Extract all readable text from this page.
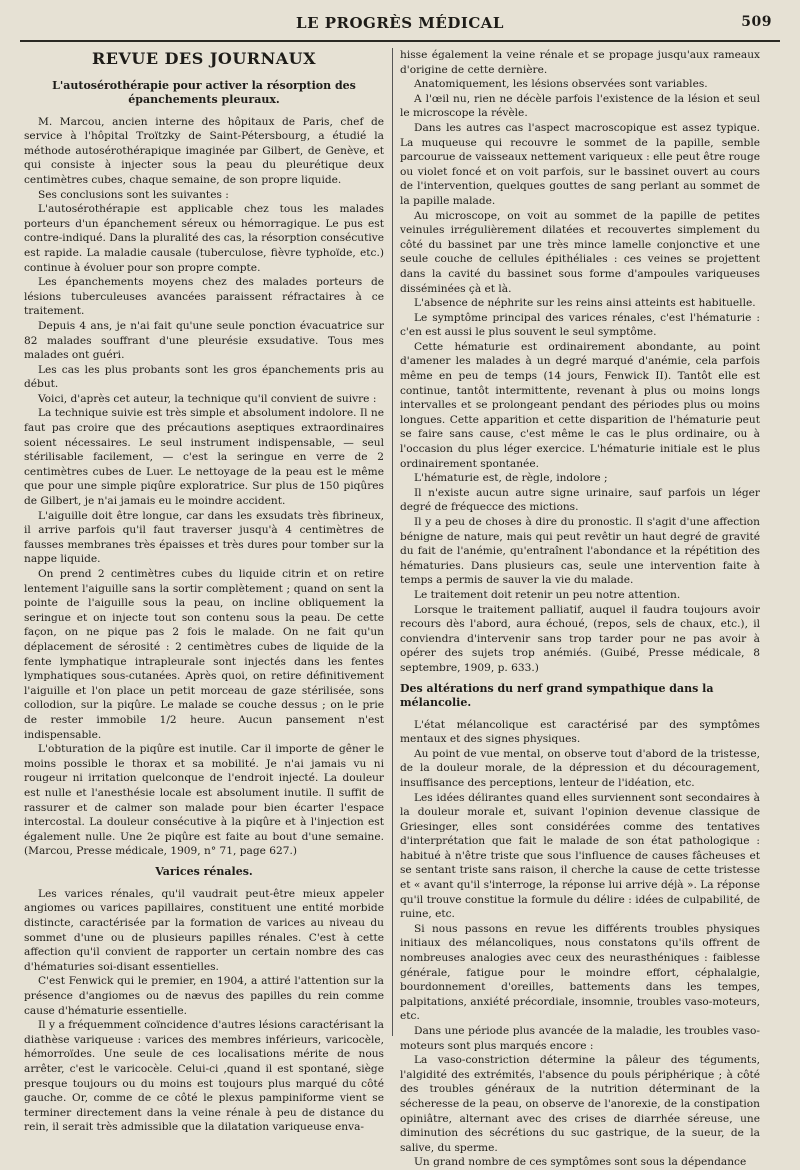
LE PROGRÈS MÉDICAL	509
REVUE DES JOURNAUX
L'autosérothérapie pour activer la résorption des épanchements pleuraux.

M. Marcou, ancien interne des hôpitaux de Paris, chef de service à l'hôpital Troïtzky de Saint-Pétersbourg, a étudié la méthode autosérothérapique imaginée par Gilbert, de Genève, et qui consiste à injecter sous la peau du pleurétique deux centimètres cubes, chaque semaine, de son propre liquide.

Ses conclusions sont les suivantes :

L'autosérothérapie est applicable chez tous les malades porteurs d'un épanchement séreux ou hémorragique. Le pus est contre-indiqué. Dans la pluralité des cas, la résorption consécutive est rapide. La maladie causale (tuberculose, fièvre typhoïde, etc.) continue à évoluer pour son propre compte.

Les épanchements moyens chez des malades porteurs de lésions tuberculeuses avancées paraissent réfractaires à ce traitement.

Depuis 4 ans, je n'ai fait qu'une seule ponction évacuatrice sur 82 malades souffrant d'une pleurésie exsudative. Tous mes malades ont guéri.

Les cas les plus probants sont les gros épanchements pris au début.

Voici, d'après cet auteur, la technique qu'il convient de suivre :

La technique suivie est très simple et absolument indolore. Il ne faut pas croire que des précautions aseptiques extraordinaires soient nécessaires. Le seul instrument indispensable, — seul stérilisable facilement, — c'est la seringue en verre de 2 centimètres cubes de Luer. Le nettoyage de la peau est le même que pour une simple piqûre exploratrice. Sur plus de 150 piqûres de Gilbert, je n'ai jamais eu le moindre accident.

L'aiguille doit être longue, car dans les exsudats très fibrineux, il arrive parfois qu'il faut traverser jusqu'à 4 centimètres de fausses membranes très épaisses et très dures pour tomber sur la nappe liquide.

On prend 2 centimètres cubes du liquide citrin et on retire lentement l'aiguille sans la sortir complètement ; quand on sent la pointe de l'aiguille sous la peau, on incline obliquement la seringue et on injecte tout son contenu sous la peau. De cette façon, on ne pique pas 2 fois le malade. On ne fait qu'un déplacement de sérosité : 2 centimètres cubes de liquide de la fente lymphatique intrapleurale sont injectés dans les fentes lymphatiques sous-cutanées. Après quoi, on retire définitivement l'aiguille et l'on place un petit morceau de gaze stérilisée, sons collodion, sur la piqûre. Le malade se couche dessus ; on le prie de rester immobile 1/2 heure. Aucun pansement n'est indispensable.

L'obturation de la piqûre est inutile. Car il importe de gêner le moins possible le thorax et sa mobilité. Je n'ai jamais vu ni rougeur ni irritation quelconque de l'endroit injecté. La douleur est nulle et l'anesthésie locale est absolument inutile. Il suffit de rassurer et de calmer son malade pour bien écarter l'espace intercostal. La douleur consécutive à la piqûre et à l'injection est également nulle. Une 2e piqûre est faite au bout d'une semaine. (Marcou, Presse médicale, 1909, n° 71, page 627.)

Varices rénales.

Les varices rénales, qu'il vaudrait peut-être mieux appeler angiomes ou varices papillaires, constituent une entité morbide distincte, caractérisée par la formation de varices au niveau du sommet d'une ou de plusieurs papilles rénales. C'est à cette affection qu'il convient de rapporter un certain nombre des cas d'hématuries soi-disant essentielles.

C'est Fenwick qui le premier, en 1904, a attiré l'attention sur la présence d'angiomes ou de nævus des papilles du rein comme cause d'hématurie essentielle.

Il y a fréquemment coïncidence d'autres lésions caractérisant la diathèse variqueuse : varices des membres inférieurs, varicocèle, hémorroïdes. Une seule de ces localisations mérite de nous arrêter, c'est le varicocèle. Celui-ci ,quand il est spontané, siège presque toujours ou du moins est toujours plus marqué du côté gauche. Or, comme de ce côté le plexus pampiniforme vient se terminer directement dans la veine rénale à peu de distance du rein, il serait très admissible que la dilatation variqueuse enva-

hisse également la veine rénale et se propage jusqu'aux rameaux d'origine de cette dernière.

Anatomiquement, les lésions observées sont variables.

A l'œil nu, rien ne décèle parfois l'existence de la lésion et seul le microscope la révèle.

Dans les autres cas l'aspect macroscopique est assez typique. La muqueuse qui recouvre le sommet de la papille, semble parcourue de vaisseaux nettement variqueux : elle peut être rouge ou violet foncé et on voit parfois, sur le bassinet ouvert au cours de l'intervention, quelques gouttes de sang perlant au sommet de la papille malade.

Au microscope, on voit au sommet de la papille de petites veinules irrégulièrement dilatées et recouvertes simplement du côté du bassinet par une très mince lamelle conjonctive et une seule couche de cellules épithéliales : ces veines se projettent dans la cavité du bassinet sous forme d'ampoules variqueuses disséminées çà et là.

L'absence de néphrite sur les reins ainsi atteints est habituelle.

Le symptôme principal des varices rénales, c'est l'hématurie : c'en est aussi le plus souvent le seul symptôme.

Cette hématurie est ordinairement abondante, au point d'amener les malades à un degré marqué d'anémie, cela parfois même en peu de temps (14 jours, Fenwick II). Tantôt elle est continue, tantôt intermittente, revenant à plus ou moins longs intervalles et se prolongeant pendant des périodes plus ou moins longues. Cette apparition et cette disparition de l'hématurie peut se faire sans cause, c'est même le cas le plus ordinaire, ou à l'occasion du plus léger exercice. L'hématurie initiale est le plus ordinairement spontanée.

L'hématurie est, de règle, indolore ;

Il n'existe aucun autre signe urinaire, sauf parfois un léger degré de fréquecce des mictions.

Il y a peu de choses à dire du pronostic. Il s'agit d'une affection bénigne de nature, mais qui peut revêtir un haut degré de gravité du fait de l'anémie, qu'entraînent l'abondance et la répétition des hématuries. Dans plusieurs cas, seule une intervention faite à temps a permis de sauver la vie du malade.

Le traitement doit retenir un peu notre attention.

Lorsque le traitement palliatif, auquel il faudra toujours avoir recours dès l'abord, aura échoué, (repos, sels de chaux, etc.), il conviendra d'intervenir sans trop tarder pour ne pas avoir à opérer des sujets trop anémiés. (Guibé, Presse médicale, 8 septembre, 1909, p. 633.)

Des altérations du nerf grand sympathique dans la mélancolie.

L'état mélancolique est caractérisé par des symptômes mentaux et des signes physiques.

Au point de vue mental, on observe tout d'abord de la tristesse, de la douleur morale, de la dépression et du découragement, insuffisance des perceptions, lenteur de l'idéation, etc.

Les idées délirantes quand elles surviennent sont secondaires à la douleur morale et, suivant l'opinion devenue classique de Griesinger, elles sont considérées comme des tentatives d'interprétation que fait le malade de son état pathologique : habitué à n'être triste que sous l'influence de causes fâcheuses et se sentant triste sans raison, il cherche la cause de cette tristesse et « avant qu'il s'interroge, la réponse lui arrive déjà ». La réponse qu'il trouve constitue la formule du délire : idées de culpabilité, de ruine, etc.

Si nous passons en revue les différents troubles physiques initiaux des mélancoliques, nous constatons qu'ils offrent de nombreuses analogies avec ceux des neurasthéniques : faiblesse générale, fatigue pour le moindre effort, céphalalgie, bourdonnement d'oreilles, battements dans les tempes, palpitations, anxiété précordiale, insomnie, troubles vaso-moteurs, etc.

Dans une période plus avancée de la maladie, les troubles vaso-moteurs sont plus marqués encore :

La vaso-constriction détermine la pâleur des téguments, l'algidité des extrémités, l'absence du pouls périphérique ; à côté des troubles généraux de la nutrition déterminant de la sécheresse de la peau, on observe de l'anorexie, de la constipation opiniâtre, alternant avec des crises de diarrhée séreuse, une diminution des sécrétions du suc gastrique, de la sueur, de la salive, du sperme.

Un grand nombre de ces symptômes sont sous la dépendance
